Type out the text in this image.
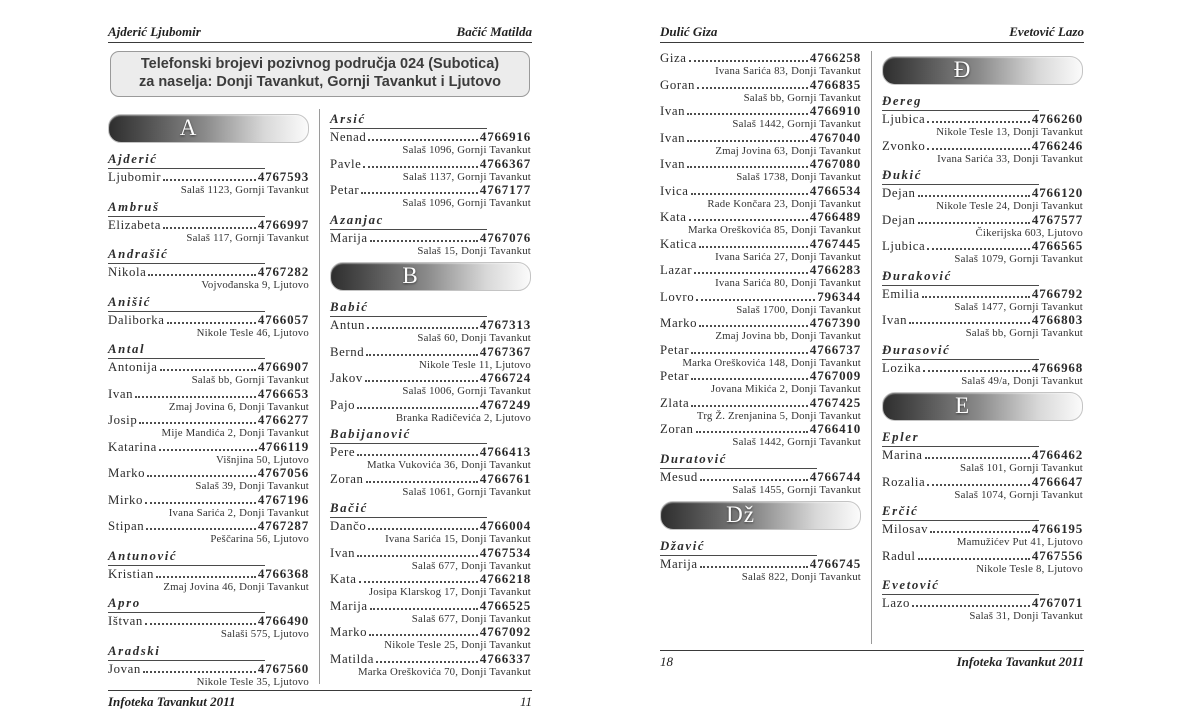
Ajderić Ljubomir	Bačić Matilda
Telefonski brojevi pozivnog područja 024 (Subotica)
za naselja: Donji Tavankut, Gornji Tavankut i Ljutovo
A
Ajderić
Ljubomir	4767593
Salaš 1123, Gornji Tavankut
Ambruš
Elizabeta	4766997
Salaš 117, Gornji Tavankut
Andrašić
Nikola	4767282
Vojvođanska 9, Ljutovo
Anišić
Daliborka	4766057
Nikole Tesle 46, Ljutovo
Antal
Antonija	4766907
Salaš bb, Gornji Tavankut
Ivan	4766653
Zmaj Jovina 6, Donji Tavankut
Josip	4766277
Mije Mandića 2, Donji Tavankut
Katarina	4766119
Višnjina 50, Ljutovo
Marko	4767056
Salaš 39, Donji Tavankut
Mirko	4767196
Ivana Sarića 2, Donji Tavankut
Stipan	4767287
Peščarina 56, Ljutovo
Antunović
Kristian	4766368
Zmaj Jovina 46, Donji Tavankut
Apro
Ištvan	4766490
Salaši 575, Ljutovo
Aradski
Jovan	4767560
Nikole Tesle 35, Ljutovo
Arsić
Nenad	4766916
Salaš 1096, Gornji Tavankut
Pavle	4766367
Salaš 1137, Gornji Tavankut
Petar	4767177
Salaš 1096, Gornji Tavankut
Azanjac
Marija	4767076
Salaš 15, Donji Tavankut
B
Babić
Antun	4767313
Salaš 60, Donji Tavankut
Bernd	4767367
Nikole Tesle 11, Ljutovo
Jakov	4766724
Salaš 1006, Gornji Tavankut
Pajo	4767249
Branka Radičevića 2, Ljutovo
Babijanović
Pere	4766413
Matka Vukovića 36, Donji Tavankut
Zoran	4766761
Salaš 1061, Gornji Tavankut
Bačić
Dančo	4766004
Ivana Sarića 15, Donji Tavankut
Ivan	4767534
Salaš 677, Donji Tavankut
Kata	4766218
Josipa Klarskog 17, Donji Tavankut
Marija	4766525
Salaš 677, Donji Tavankut
Marko	4767092
Nikole Tesle 25, Donji Tavankut
Matilda	4766337
Marka Oreškovića 70, Donji Tavankut
Infoteka Tavankut 2011	11
Dulić Giza	Evetović Lazo
Giza	4766258
Ivana Sarića 83, Donji Tavankut
Goran	4766835
Salaš bb, Gornji Tavankut
Ivan	4766910
Salaš 1442, Gornji Tavankut
Ivan	4767040
Zmaj Jovina 63, Donji Tavankut
Ivan	4767080
Salaš 1738, Donji Tavankut
Ivica	4766534
Rade Končara 23, Donji Tavankut
Kata	4766489
Marka Oreškovića 85, Donji Tavankut
Katica	4767445
Ivana Sarića 27, Donji Tavankut
Lazar	4766283
Ivana Sarića 80, Donji Tavankut
Lovro	796344
Salaš 1700, Donji Tavankut
Marko	4767390
Zmaj Jovina bb, Donji Tavankut
Petar	4766737
Marka Oreškovića 148, Donji Tavankut
Petar	4767009
Jovana Mikića 2, Donji Tavankut
Zlata	4767425
Trg Ž. Zrenjanina 5, Donji Tavankut
Zoran	4766410
Salaš 1442, Gornji Tavankut
Duratović
Mesud	4766744
Salaš 1455, Gornji Tavankut
Dž
Džavić
Marija	4766745
Salaš 822, Donji Tavankut
Đ
Đereg
Ljubica	4766260
Nikole Tesle 13, Donji Tavankut
Zvonko	4766246
Ivana Sarića 33, Donji Tavankut
Đukić
Dejan	4766120
Nikole Tesle 24, Donji Tavankut
Dejan	4767577
Čikerijska 603, Ljutovo
Ljubica	4766565
Salaš 1079, Gornji Tavankut
Đuraković
Emilia	4766792
Salaš 1477, Gornji Tavankut
Ivan	4766803
Salaš bb, Gornji Tavankut
Đurasović
Lozika	4766968
Salaš 49/a, Donji Tavankut
E
Epler
Marina	4766462
Salaš 101, Gornji Tavankut
Rozalia	4766647
Salaš 1074, Gornji Tavankut
Erčić
Milosav	4766195
Mamužićev Put 41, Ljutovo
Radul	4767556
Nikole Tesle 8, Ljutovo
Evetović
Lazo	4767071
Salaš 31, Donji Tavankut
18	Infoteka Tavankut 2011
